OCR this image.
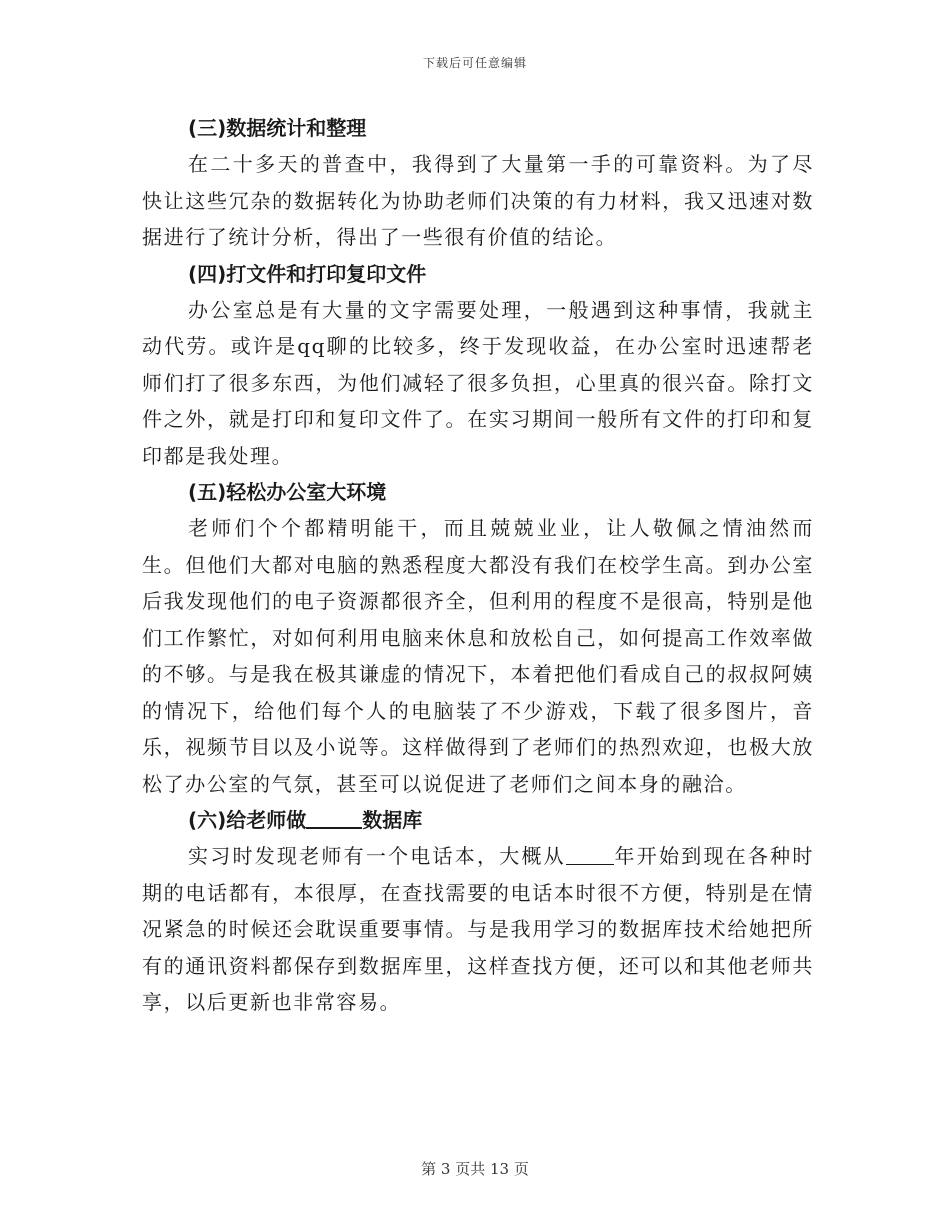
下载后可任意编辑
(三)数据统计和整理

在二十多天的普查中，我得到了大量第一手的可靠资料。为了尽快让这些冗杂的数据转化为协助老师们决策的有力材料，我又迅速对数据进行了统计分析，得出了一些很有价值的结论。

(四)打文件和打印复印文件

办公室总是有大量的文字需要处理，一般遇到这种事情，我就主动代劳。或许是qq聊的比较多，终于发现收益，在办公室时迅速帮老师们打了很多东西，为他们减轻了很多负担，心里真的很兴奋。除打文件之外，就是打印和复印文件了。在实习期间一般所有文件的打印和复印都是我处理。

(五)轻松办公室大环境

老师们个个都精明能干，而且兢兢业业，让人敬佩之情油然而生。但他们大都对电脑的熟悉程度大都没有我们在校学生高。到办公室后我发现他们的电子资源都很齐全，但利用的程度不是很高，特别是他们工作繁忙，对如何利用电脑来休息和放松自己，如何提高工作效率做的不够。与是我在极其谦虚的情况下，本着把他们看成自己的叔叔阿姨的情况下，给他们每个人的电脑装了不少游戏，下载了很多图片，音乐，视频节目以及小说等。这样做得到了老师们的热烈欢迎，也极大放松了办公室的气氛，甚至可以说促进了老师们之间本身的融洽。

(六)给老师做	数据库

实习时发现老师有一个电话本，大概从 年开始到现在各种时期的电话都有，本很厚，在查找需要的电话本时很不方便，特别是在情况紧急的时候还会耽误重要事情。与是我用学习的数据库技术给她把所有的通讯资料都保存到数据库里，这样查找方便，还可以和其他老师共享，以后更新也非常容易。

第 3 页共 13 页
